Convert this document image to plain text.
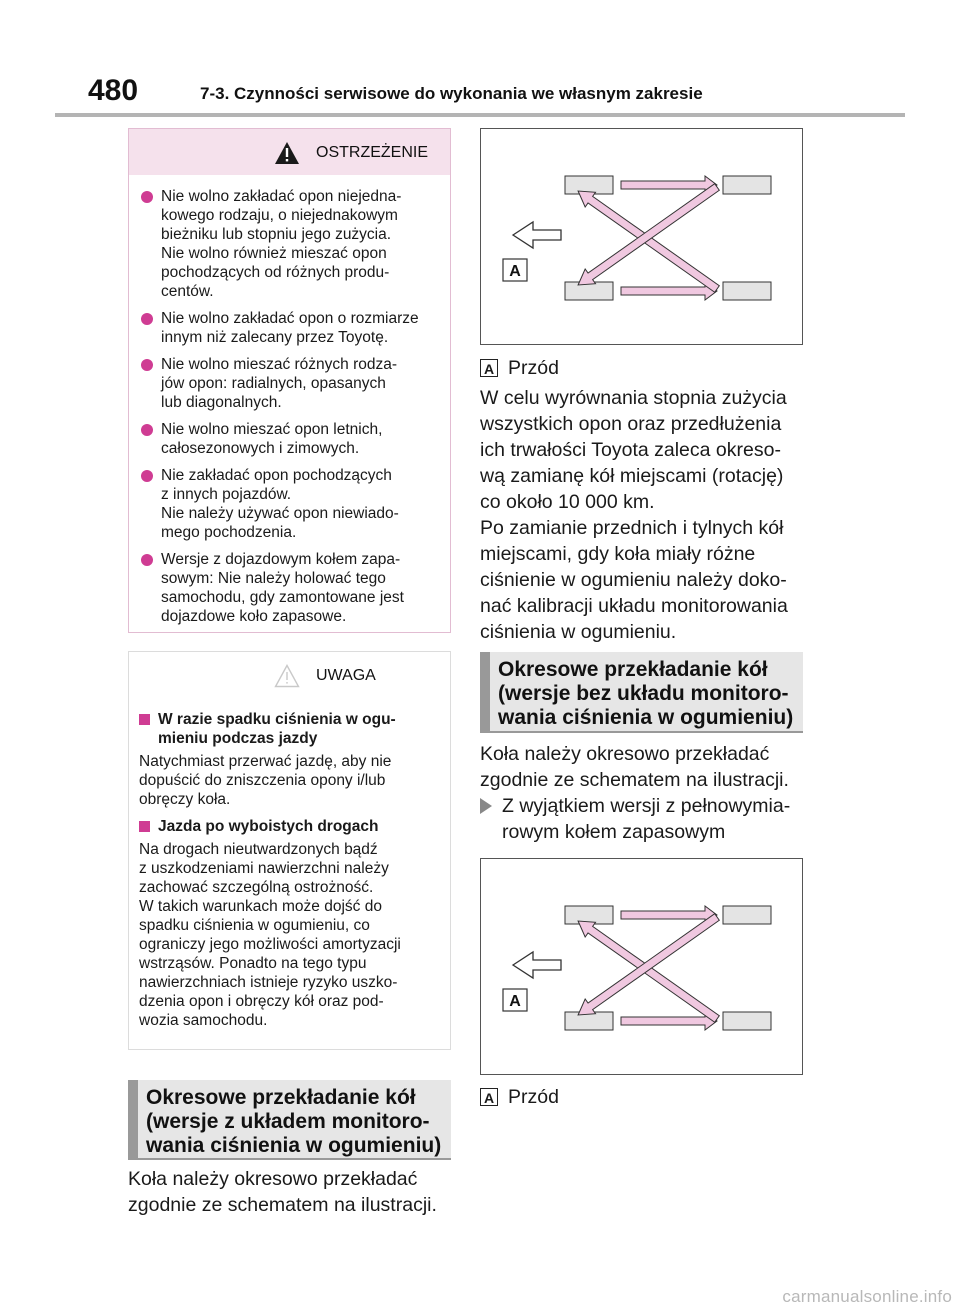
480	7-3. Czynności serwisowe do wykonania we własnym zakresie
OSTRZEŻENIE
Nie wolno zakładać opon niejedna-
kowego rodzaju, o niejednakowym
bieżniku lub stopniu jego zużycia.
Nie wolno również mieszać opon
pochodzących od różnych produ-
centów.
Nie wolno zakładać opon o rozmiarze
innym niż zalecany przez Toyotę.
Nie wolno mieszać różnych rodza-
jów opon: radialnych, opasanych
lub diagonalnych.
Nie wolno mieszać opon letnich,
całosezonowych i zimowych.
Nie zakładać opon pochodzących
z innych pojazdów.
Nie należy używać opon niewiado-
mego pochodzenia.
Wersje z dojazdowym kołem zapa-
sowym: Nie należy holować tego
samochodu, gdy zamontowane jest
dojazdowe koło zapasowe.
UWAGA
W razie spadku ciśnienia w ogu-
mieniu podczas jazdy
Natychmiast przerwać jazdę, aby nie
dopuścić do zniszczenia opony i/lub
obręczy koła.
Jazda po wyboistych drogach
Na drogach nieutwardzonych bądź
z uszkodzeniami nawierzchni należy
zachować szczególną ostrożność.
W takich warunkach może dojść do
spadku ciśnienia w ogumieniu, co
ograniczy jego możliwości amortyzacji
wstrząsów. Ponadto na tego typu
nawierzchniach istnieje ryzyko uszko-
dzenia opon i obręczy kół oraz pod-
wozia samochodu.
Okresowe przekładanie kół
(wersje z układem monitoro-
wania ciśnienia w ogumieniu)
Koła należy okresowo przekładać
zgodnie ze schematem na ilustracji.
A
A Przód
W celu wyrównania stopnia zużycia
wszystkich opon oraz przedłużenia
ich trwałości Toyota zaleca okreso-
wą zamianę kół miejscami (rotację)
co około 10 000 km.
Po zamianie przednich i tylnych kół
miejscami, gdy koła miały różne
ciśnienie w ogumieniu należy doko-
nać kalibracji układu monitorowania
ciśnienia w ogumieniu.
Okresowe przekładanie kół
(wersje bez układu monitoro-
wania ciśnienia w ogumieniu)
Koła należy okresowo przekładać
zgodnie ze schematem na ilustracji.
Z wyjątkiem wersji z pełnowymia-
rowym kołem zapasowym
A
A Przód
carmanualsonline.info
